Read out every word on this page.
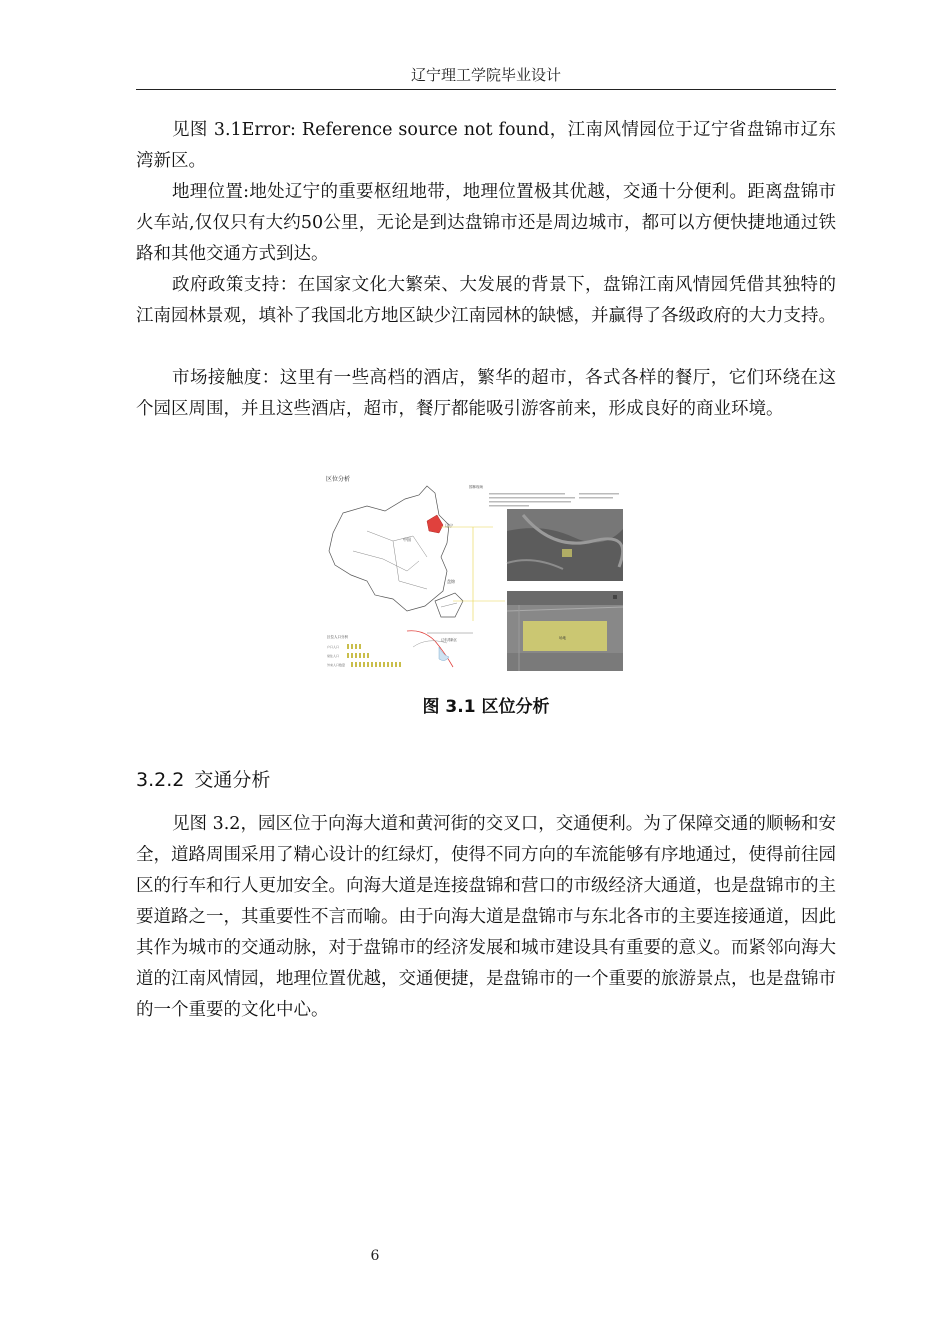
辽宁理工学院毕业设计

见图 3.1Error: Reference source not found，江南风情园位于辽宁省盘锦市辽东湾新区。

地理位置:地处辽宁的重要枢纽地带，地理位置极其优越，交通十分便利。距离盘锦市火车站,仅仅只有大约50公里，无论是到达盘锦市还是周边城市，都可以方便快捷地通过铁路和其他交通方式到达。

政府政策支持：在国家文化大繁荣、大发展的背景下，盘锦江南风情园凭借其独特的江南园林景观，填补了我国北方地区缺少江南园林的缺憾，并赢得了各级政府的大力支持。

市场接触度：这里有一些高档的酒店，繁华的超市，各式各样的餐厅，它们环绕在这个园区周围，并且这些酒店，超市，餐厅都能吸引游客前来，形成良好的商业环境。

区位分析
中国
辽宁
盘锦
园林现场
场地
区位人口分析
户口人口
常住人口
外来人口数量
辽东湾新区
图 3.1 区位分析
3.2.2 交通分析

见图 3.2，园区位于向海大道和黄河街的交叉口，交通便利。为了保障交通的顺畅和安全，道路周围采用了精心设计的红绿灯，使得不同方向的车流能够有序地通过，使得前往园区的行车和行人更加安全。向海大道是连接盘锦和营口的市级经济大通道，也是盘锦市的主要道路之一，其重要性不言而喻。由于向海大道是盘锦市与东北各市的主要连接通道，因此其作为城市的交通动脉，对于盘锦市的经济发展和城市建设具有重要的意义。而紧邻向海大道的江南风情园，地理位置优越，交通便捷，是盘锦市的一个重要的旅游景点，也是盘锦市的一个重要的文化中心。

6
